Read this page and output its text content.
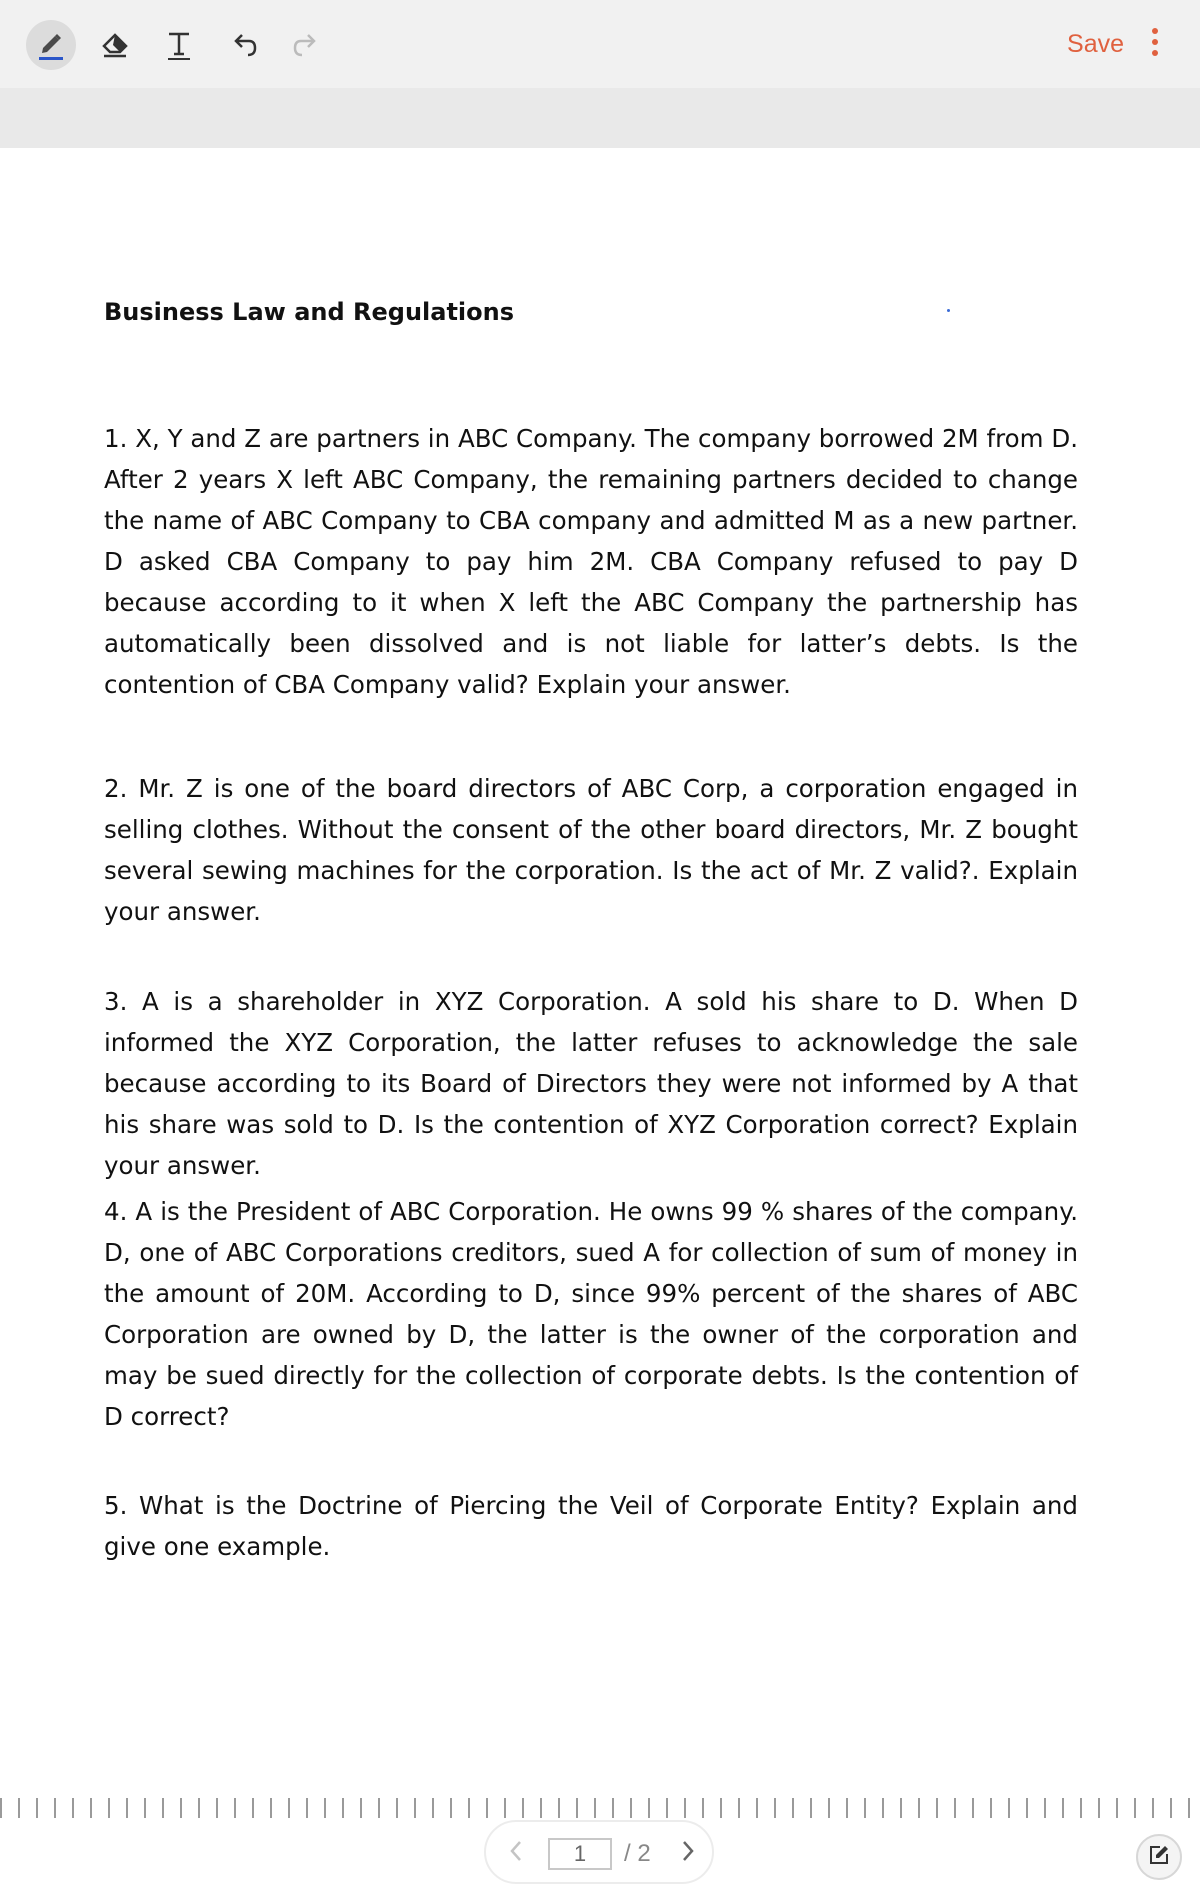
Save
Business Law and Regulations

1. X, Y and Z are partners in ABC Company. The company borrowed 2M from D. After 2 years X left ABC Company, the remaining partners decided to change the name of ABC Company to CBA company and admitted M as a new partner. D asked CBA Company to pay him 2M. CBA Company refused to pay D because according to it when X left the ABC Company the partnership has automatically been dissolved and is not liable for latter’s debts. Is the contention of CBA Company valid? Explain your answer.

2. Mr. Z is one of the board directors of ABC Corp, a corporation engaged in selling clothes. Without the consent of the other board directors, Mr. Z bought several sewing machines for the corporation. Is the act of Mr. Z valid?. Explain your answer.

3. A is a shareholder in XYZ Corporation. A sold his share to D. When D informed the XYZ Corporation, the latter refuses to acknowledge the sale because according to its Board of Directors they were not informed by A that his share was sold to D. Is the contention of XYZ Corporation correct? Explain your answer.

4. A is the President of ABC Corporation. He owns 99 % shares of the company. D, one of ABC Corporations creditors, sued A for collection of sum of money in the amount of 20M. According to D, since 99% percent of the shares of ABC Corporation are owned by D, the latter is the owner of the corporation and may be sued directly for the collection of corporate debts. Is the contention of D correct?

5. What is the Doctrine of Piercing the Veil of Corporate Entity? Explain and give one example.

1	/ 2
